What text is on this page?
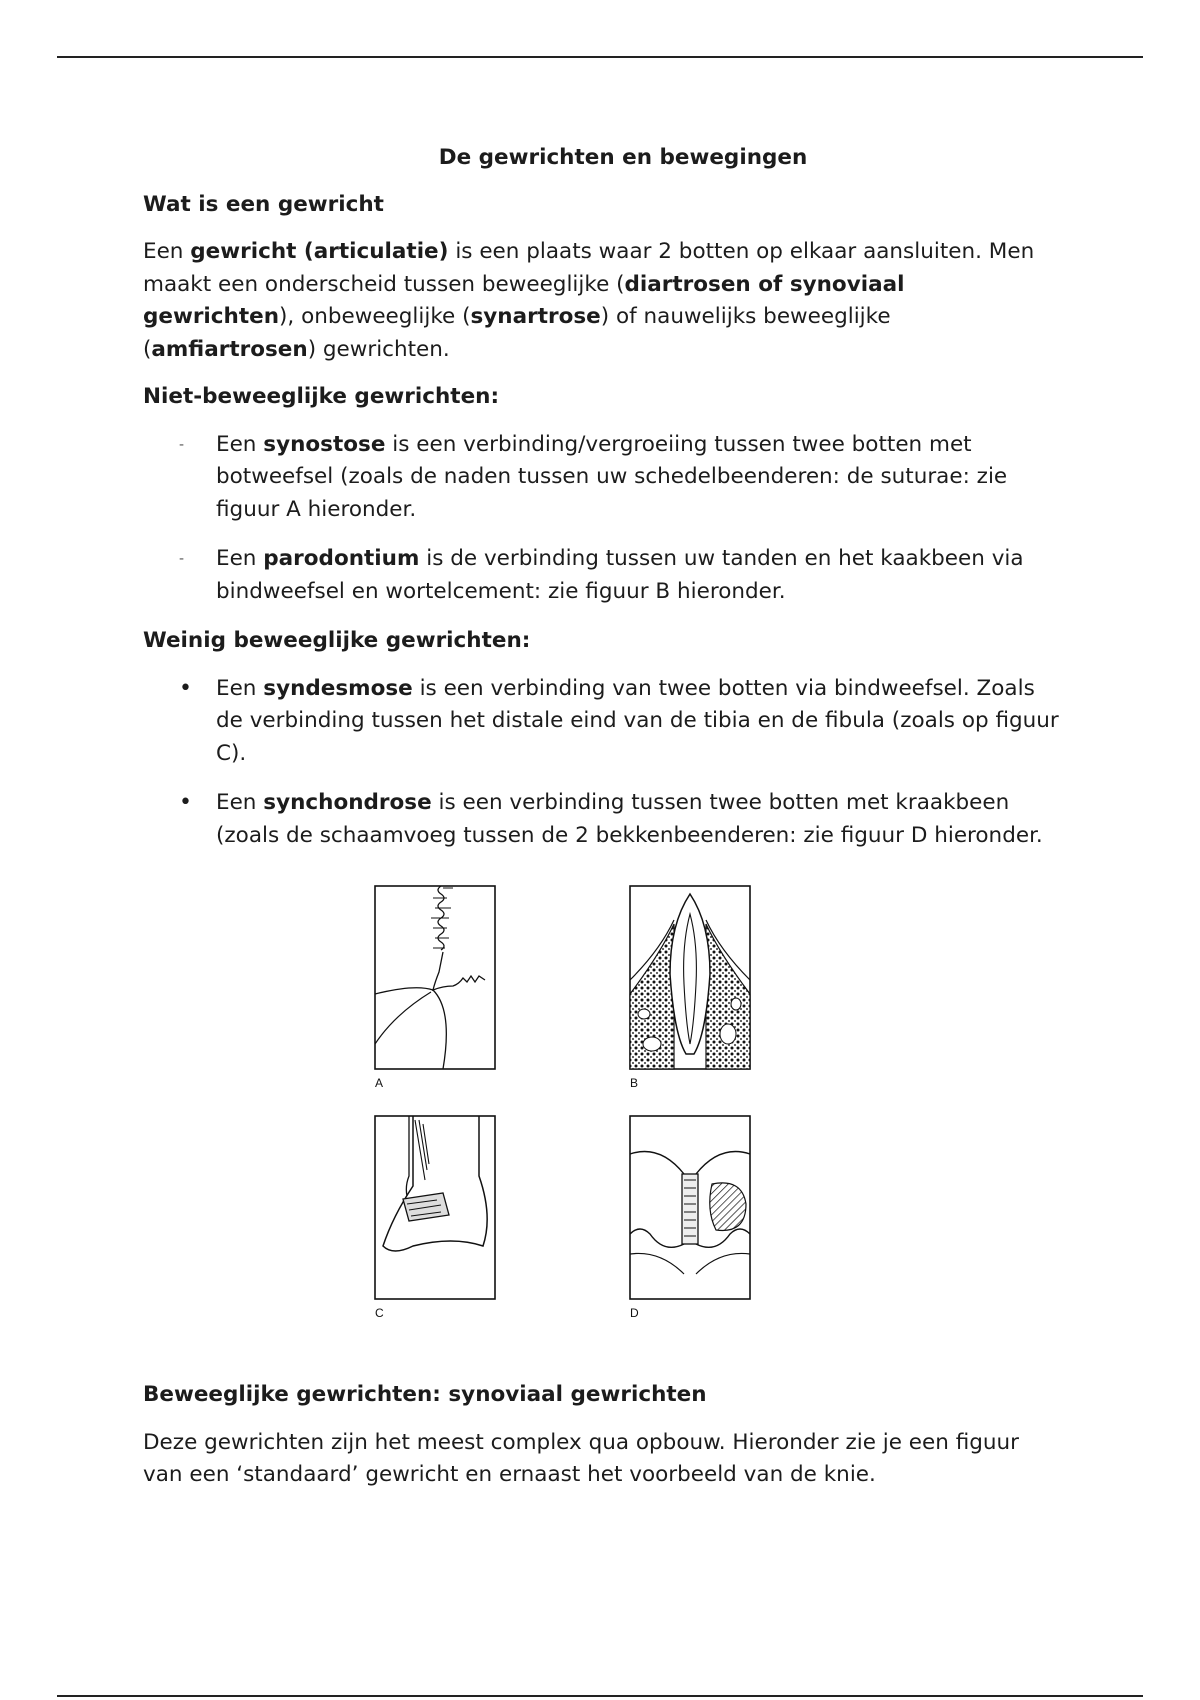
De gewrichten en bewegingen
Wat is een gewricht

Een gewricht (articulatie) is een plaats waar 2 botten op elkaar aansluiten. Men maakt een onderscheid tussen beweeglijke (diartrosen of synoviaal gewrichten), onbeweeglijke (synartrose) of nauwelijks beweeglijke (amfiartrosen) gewrichten.

Niet-beweeglijke gewrichten:
- Een synostose is een verbinding/vergroeiing tussen twee botten met botweefsel (zoals de naden tussen uw schedelbeenderen: de suturae: zie figuur A hieronder.
- Een parodontium is de verbinding tussen uw tanden en het kaakbeen via bindweefsel en wortelcement: zie figuur B hieronder.
Weinig beweeglijke gewrichten:
• Een syndesmose is een verbinding van twee botten via bindweefsel. Zoals de verbinding tussen het distale eind van de tibia en de fibula (zoals op figuur C).
• Een synchondrose is een verbinding tussen twee botten met kraakbeen (zoals de schaamvoeg tussen de 2 bekkenbeenderen: zie figuur D hieronder.
A	B
C	D
Beweeglijke gewrichten: synoviaal gewrichten

Deze gewrichten zijn het meest complex qua opbouw. Hieronder zie je een figuur van een ‘standaard’ gewricht en ernaast het voorbeeld van de knie.
